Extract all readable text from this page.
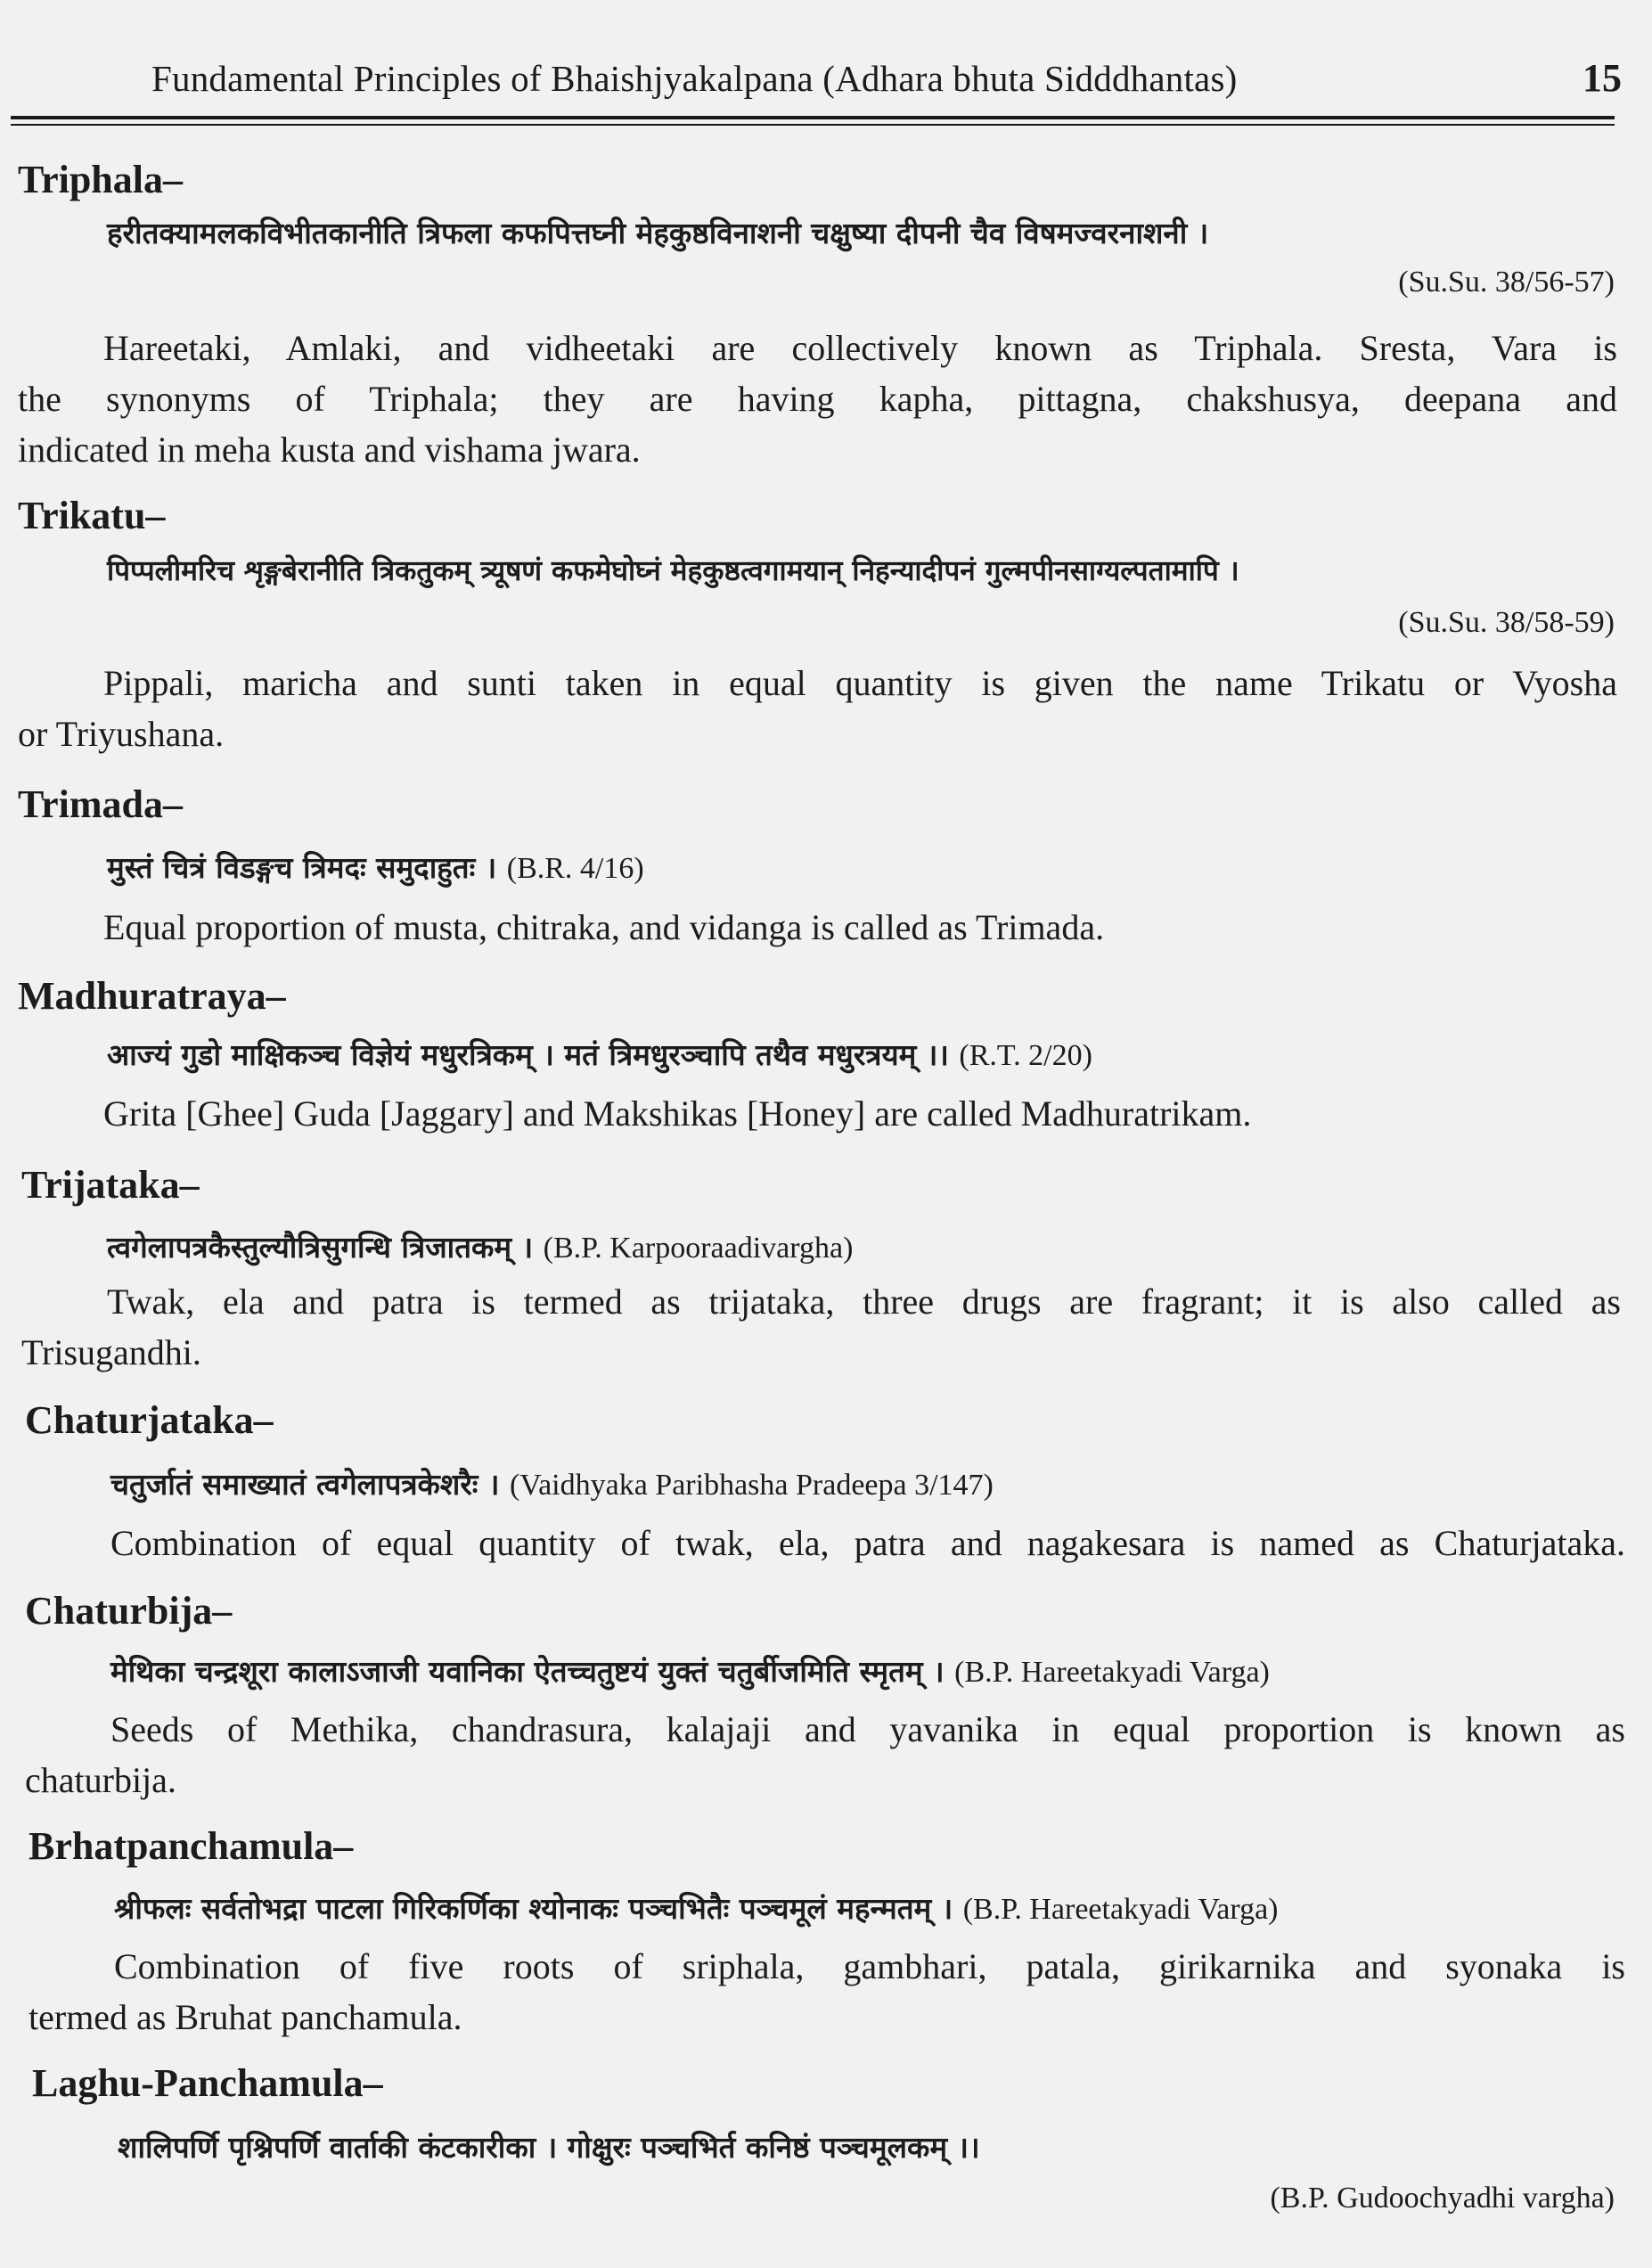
Fundamental Principles of Bhaishjyakalpana (Adhara bhuta Sidddhantas)	15
Triphala–
हरीतक्यामलकविभीतकानीति त्रिफला कफपित्तघ्नी मेहकुष्ठविनाशनी चक्षुष्या दीपनी चैव विषमज्वरनाशनी ।
(Su.Su. 38/56-57)
Hareetaki, Amlaki, and vidheetaki are collectively known as Triphala. Sresta, Vara is
the synonyms of Triphala; they are having kapha, pittagna, chakshusya, deepana and
indicated in meha kusta and vishama jwara.
Trikatu–
पिप्पलीमरिच शृङ्गबेरानीति त्रिकतुकम् त्र्यूषणं कफमेघोघ्नं मेहकुष्ठत्वगामयान् निहन्यादीपनं गुल्मपीनसाग्यल्पतामापि ।
(Su.Su. 38/58-59)
Pippali, maricha and sunti taken in equal quantity is given the name Trikatu or Vyosha
or Triyushana.
Trimada–
मुस्तं चित्रं विडङ्गच त्रिमदः समुदाहुतः । (B.R. 4/16)
Equal proportion of musta, chitraka, and vidanga is called as Trimada.
Madhuratraya–
आज्यं गुडो माक्षिकञ्च विज्ञेयं मधुरत्रिकम् । मतं त्रिमधुरञ्चापि तथैव मधुरत्रयम् ।। (R.T. 2/20)
Grita [Ghee] Guda [Jaggary] and Makshikas [Honey] are called Madhuratrikam.
Trijataka–
त्वगेलापत्रकैस्तुल्यौत्रिसुगन्धि त्रिजातकम् । (B.P. Karpooraadivargha)
Twak, ela and patra is termed as trijataka, three drugs are fragrant; it is also called as
Trisugandhi.
Chaturjataka–
चतुर्जातं समाख्यातं त्वगेलापत्रकेशरैः । (Vaidhyaka Paribhasha Pradeepa 3/147)
Combination of equal quantity of twak, ela, patra and nagakesara is named as Chaturjataka.
Chaturbija–
मेथिका चन्द्रशूरा कालाऽजाजी यवानिका ऐतच्चतुष्टयं युक्तं चतुर्बीजमिति स्मृतम् । (B.P. Hareetakyadi Varga)
Seeds of Methika, chandrasura, kalajaji and yavanika in equal proportion is known as
chaturbija.
Brhatpanchamula–
श्रीफलः सर्वतोभद्रा पाटला गिरिकर्णिका श्योनाकः पञ्चभितैः पञ्चमूलं महन्मतम् । (B.P. Hareetakyadi Varga)
Combination of five roots of sriphala, gambhari, patala, girikarnika and syonaka is
termed as Bruhat panchamula.
Laghu-Panchamula–
शालिपर्णि पृश्निपर्णि वार्ताकी कंटकारीका । गोक्षुरः पञ्चभिर्त कनिष्ठं पञ्चमूलकम् ।।
(B.P. Gudoochyadhi vargha)
